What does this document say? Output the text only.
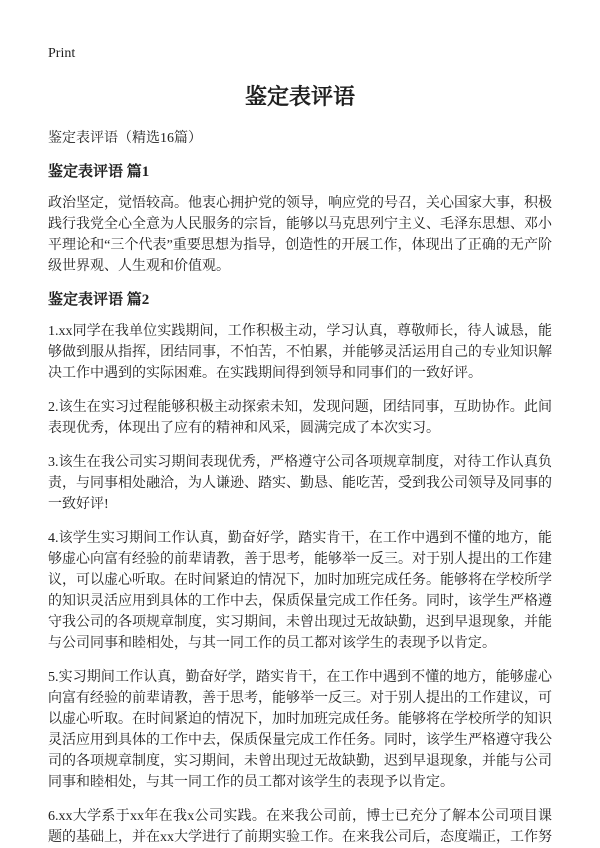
Print
鉴定表评语
鉴定表评语（精选16篇）
鉴定表评语 篇1

政治坚定，觉悟较高。他衷心拥护党的领导，响应党的号召，关心国家大事，积极践行我党全心全意为人民服务的宗旨，能够以马克思列宁主义、毛泽东思想、邓小平理论和“三个代表”重要思想为指导，创造性的开展工作，体现出了正确的无产阶级世界观、人生观和价值观。

鉴定表评语 篇2

1.xx同学在我单位实践期间，工作积极主动，学习认真，尊敬师长，待人诚恳，能够做到服从指挥，团结同事，不怕苦，不怕累，并能够灵活运用自己的专业知识解决工作中遇到的实际困难。在实践期间得到领导和同事们的一致好评。

2.该生在实习过程能够积极主动探索未知，发现问题，团结同事，互助协作。此间表现优秀，体现出了应有的精神和风采，圆满完成了本次实习。

3.该生在我公司实习期间表现优秀，严格遵守公司各项规章制度，对待工作认真负责，与同事相处融洽，为人谦逊、踏实、勤恳、能吃苦，受到我公司领导及同事的一致好评!

4.该学生实习期间工作认真，勤奋好学，踏实肯干，在工作中遇到不懂的地方，能够虚心向富有经验的前辈请教，善于思考，能够举一反三。对于别人提出的工作建议，可以虚心听取。在时间紧迫的情况下，加时加班完成任务。能够将在学校所学的知识灵活应用到具体的工作中去，保质保量完成工作任务。同时，该学生严格遵守我公司的各项规章制度，实习期间，未曾出现过无故缺勤，迟到早退现象，并能与公司同事和睦相处，与其一同工作的员工都对该学生的表现予以肯定。

5.实习期间工作认真，勤奋好学，踏实肯干，在工作中遇到不懂的地方，能够虚心向富有经验的前辈请教，善于思考，能够举一反三。对于别人提出的工作建议，可以虚心听取。在时间紧迫的情况下，加时加班完成任务。能够将在学校所学的知识灵活应用到具体的工作中去，保质保量完成工作任务。同时，该学生严格遵守我公司的各项规章制度，实习期间，未曾出现过无故缺勤，迟到早退现象，并能与公司同事和睦相处，与其一同工作的员工都对该学生的表现予以肯定。

6.xx大学系于xx年在我x公司实践。在来我公司前，博士已充分了解本公司项目课题的基础上，并在xx大学进行了前期实验工作。在来我公司后，态度端正，工作努
